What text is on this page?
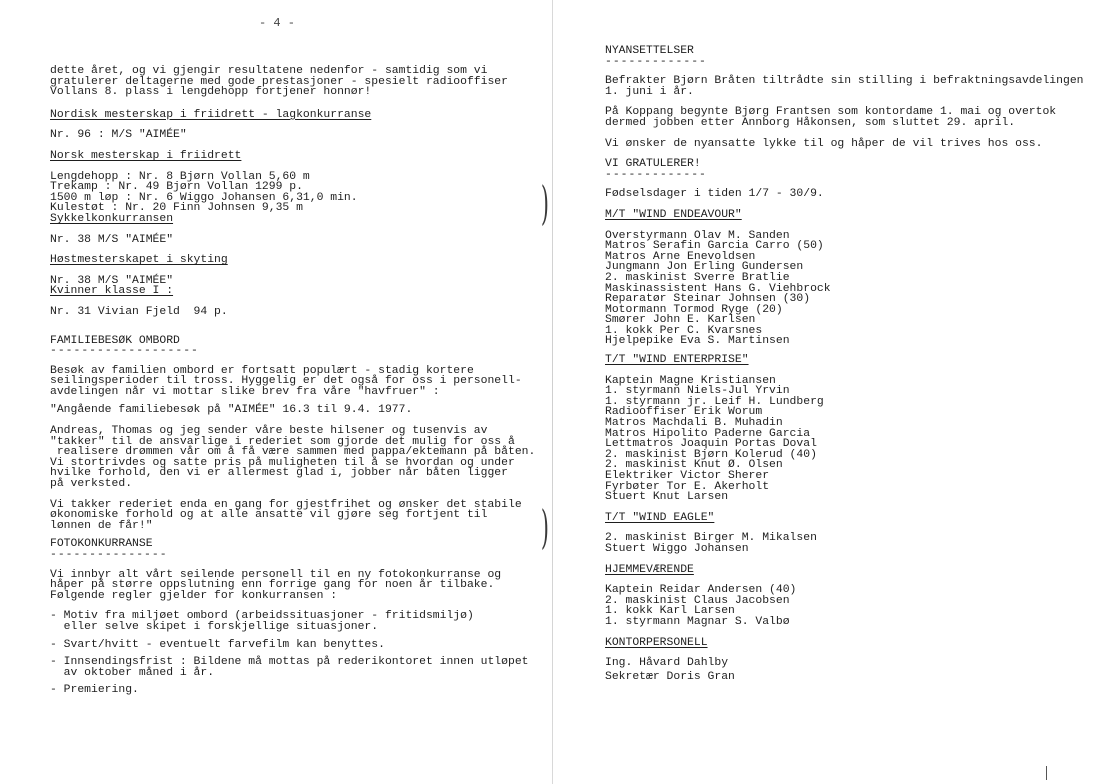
)
)
- 4 -
dette året, og vi gjengir resultatene nedenfor - samtidig som vi
gratulerer deltagerne med gode prestasjoner - spesielt radiooffiser
Vollans 8. plass i lengdehopp fortjener honnør!
Nordisk mesterskap i friidrett - lagkonkurranse
Nr. 96 : M/S "AIMÉE"
Norsk mesterskap i friidrett
Lengdehopp : Nr. 8 Bjørn Vollan 5,60 m
Trekamp : Nr. 49 Bjørn Vollan 1299 p.
1500 m løp : Nr. 6 Wiggo Johansen 6,31,0 min.
Kulestøt : Nr. 20 Finn Johnsen 9,35 m
Sykkelkonkurransen
Nr. 38 M/S "AIMÉE"
Høstmesterskapet i skyting
Nr. 38 M/S "AIMÉE"
Kvinner klasse I :
Nr. 31 Vivian Fjeld  94 p.
FAMILIEBESØK OMBORD
-------------------
Besøk av familien ombord er fortsatt populært - stadig kortere
seilingsperioder til tross. Hyggelig er det også for oss i personell-
avdelingen når vi mottar slike brev fra våre "havfruer" :
"Angående familiebesøk på "AIMÉE" 16.3 til 9.4. 1977.
Andreas, Thomas og jeg sender våre beste hilsener og tusenvis av
"takker" til de ansvarlige i rederiet som gjorde det mulig for oss å
realisere drømmen vår om å få være sammen med pappa/ektemann på båten.
Vi stortrivdes og satte pris på muligheten til å se hvordan og under
hvilke forhold, den vi er allermest glad i, jobber når båten ligger
på verksted.
Vi takker rederiet enda en gang for gjestfrihet og ønsker det stabile
økonomiske forhold og at alle ansatte vil gjøre seg fortjent til
lønnen de får!"
FOTOKONKURRANSE
---------------
Vi innbyr alt vårt seilende personell til en ny fotokonkurranse og
håper på større oppslutning enn forrige gang for noen år tilbake.
Følgende regler gjelder for konkurransen :
- Motiv fra miljøet ombord (arbeidssituasjoner - fritidsmiljø)
eller selve skipet i forskjellige situasjoner.
- Svart/hvitt - eventuelt farvefilm kan benyttes.
- Innsendingsfrist : Bildene må mottas på rederikontoret innen utløpet
av oktober måned i år.
- Premiering.
NYANSETTELSER
-------------
Befrakter Bjørn Bråten tiltrådte sin stilling i befraktningsavdelingen
1. juni i år.
På Koppang begynte Bjørg Frantsen som kontordame 1. mai og overtok
dermed jobben etter Annborg Håkonsen, som sluttet 29. april.
Vi ønsker de nyansatte lykke til og håper de vil trives hos oss.
VI GRATULERER!
-------------
Fødselsdager i tiden 1/7 - 30/9.
M/T "WIND ENDEAVOUR"
Overstyrmann Olav M. Sanden
Matros Serafin Garcia Carro (50)
Matros Arne Enevoldsen
Jungmann Jon Erling Gundersen
2. maskinist Sverre Bratlie
Maskinassistent Hans G. Viehbrock
Reparatør Steinar Johnsen (30)
Motormann Tormod Ryge (20)
Smører John E. Karlsen
1. kokk Per C. Kvarsnes
Hjelpepike Eva S. Martinsen
T/T "WIND ENTERPRISE"
Kaptein Magne Kristiansen
1. styrmann Niels-Jul Yrvin
1. styrmann jr. Leif H. Lundberg
Radiooffiser Erik Worum
Matros Machdali B. Muhadin
Matros Hipolito Paderne Garcia
Lettmatros Joaquin Portas Doval
2. maskinist Bjørn Kolerud (40)
2. maskinist Knut Ø. Olsen
Elektriker Victor Sherer
Fyrbøter Tor E. Akerholt
Stuert Knut Larsen
T/T "WIND EAGLE"
2. maskinist Birger M. Mikalsen
Stuert Wiggo Johansen
HJEMMEVÆRENDE
Kaptein Reidar Andersen (40)
2. maskinist Claus Jacobsen
1. kokk Karl Larsen
1. styrmann Magnar S. Valbø
KONTORPERSONELL
Ing. Håvard Dahlby
Sekretær Doris Gran
